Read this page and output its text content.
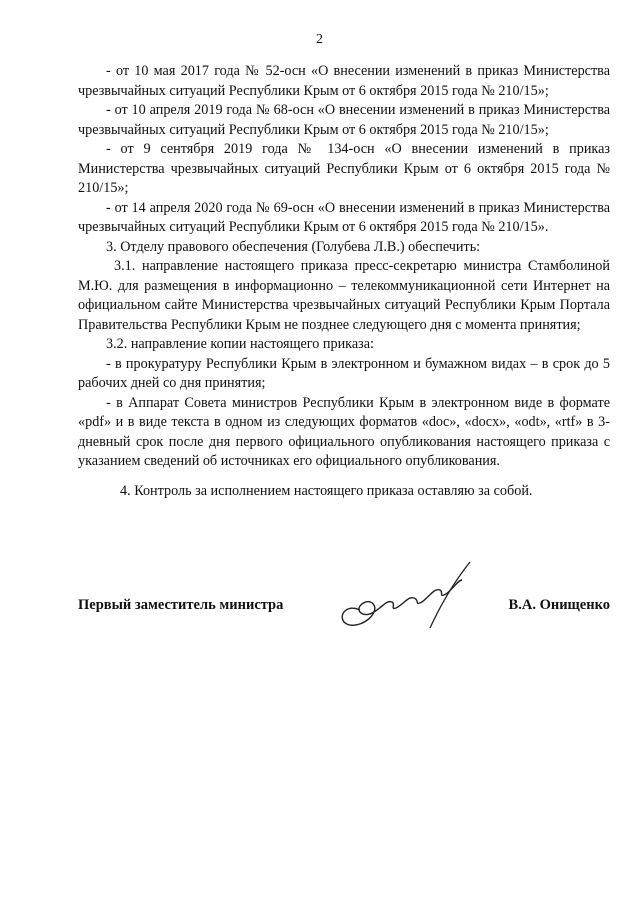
2

- от 10 мая 2017 года № 52-осн «О внесении изменений в приказ Министерства чрезвычайных ситуаций Республики Крым от 6 октября 2015 года № 210/15»;

- от 10 апреля 2019 года № 68-осн «О внесении изменений в приказ Министерства чрезвычайных ситуаций Республики Крым от 6 октября 2015 года № 210/15»;

- от 9 сентября 2019 года № 134-осн «О внесении изменений в приказ Министерства чрезвычайных ситуаций Республики Крым от 6 октября 2015 года № 210/15»;

- от 14 апреля 2020 года № 69-осн «О внесении изменений в приказ Министерства чрезвычайных ситуаций Республики Крым от 6 октября 2015 года № 210/15».

3. Отделу правового обеспечения (Голубева Л.В.) обеспечить:

3.1. направление настоящего приказа пресс-секретарю министра Стамболиной М.Ю. для размещения в информационно – телекоммуникационной сети Интернет на официальном сайте Министерства чрезвычайных ситуаций Республики Крым Портала Правительства Республики Крым не позднее следующего дня с момента принятия;

3.2. направление копии настоящего приказа:

- в прокуратуру Республики Крым в электронном и бумажном видах – в срок до 5 рабочих дней со дня принятия;

- в Аппарат Совета министров Республики Крым в электронном виде в формате «pdf» и в виде текста в одном из следующих форматов «doc», «docx», «odt», «rtf» в 3-дневный срок после дня первого официального опубликования настоящего приказа с указанием сведений об источниках его официального опубликования.

4. Контроль за исполнением настоящего приказа оставляю за собой.

Первый заместитель министра	В.А. Онищенко
